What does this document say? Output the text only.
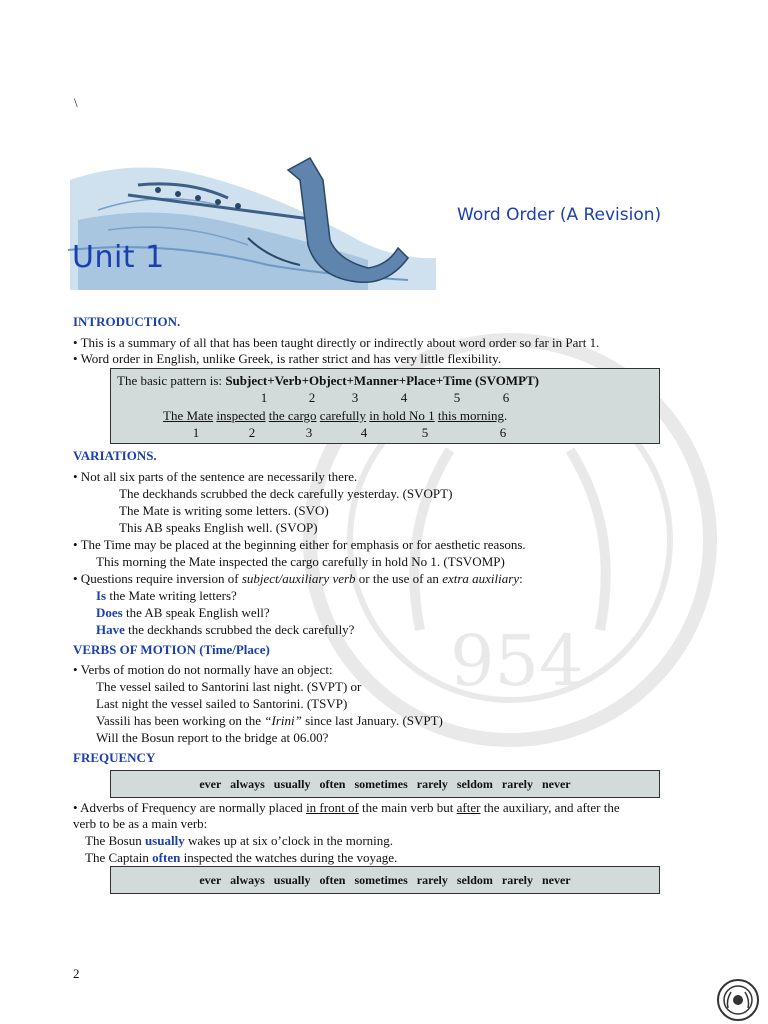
\
Unit 1
Word Order (A Revision)
954
INTRODUCTION.
• This is a summary of all that has been taught directly or indirectly about word order so far in Part 1.
• Word order in English, unlike Greek, is rather strict and has very little flexibility.
The basic pattern is: Subject+Verb+Object+Manner+Place+Time (SVOMPT)
1	2	3	4	5	6
The Mate inspected the cargo carefully in hold No 1 this morning.
1	2	3	4	5	6
VARIATIONS.
• Not all six parts of the sentence are necessarily there.
The deckhands scrubbed the deck carefully yesterday. (SVOPT)
The Mate is writing some letters. (SVO)
This AB speaks English well. (SVOP)
• The Time may be placed at the beginning either for emphasis or for aesthetic reasons.
This morning the Mate inspected the cargo carefully in hold No 1. (TSVOMP)
• Questions require inversion of subject/auxiliary verb or the use of an extra auxiliary:
Is the Mate writing letters?
Does the AB speak English well?
Have the deckhands scrubbed the deck carefully?
VERBS OF MOTION (Time/Place)
• Verbs of motion do not normally have an object:
The vessel sailed to Santorini last night. (SVPT) or
Last night the vessel sailed to Santorini. (TSVP)
Vassili has been working on the “Irini” since last January. (SVPT)
Will the Bosun report to the bridge at 06.00?
FREQUENCY
ever always usually often sometimes rarely seldom rarely never
• Adverbs of Frequency are normally placed in front of the main verb but after the auxiliary, and after the
verb to be as a main verb:
The Bosun usually wakes up at six o’clock in the morning.
The Captain often inspected the watches during the voyage.
ever always usually often sometimes rarely seldom rarely never
2
